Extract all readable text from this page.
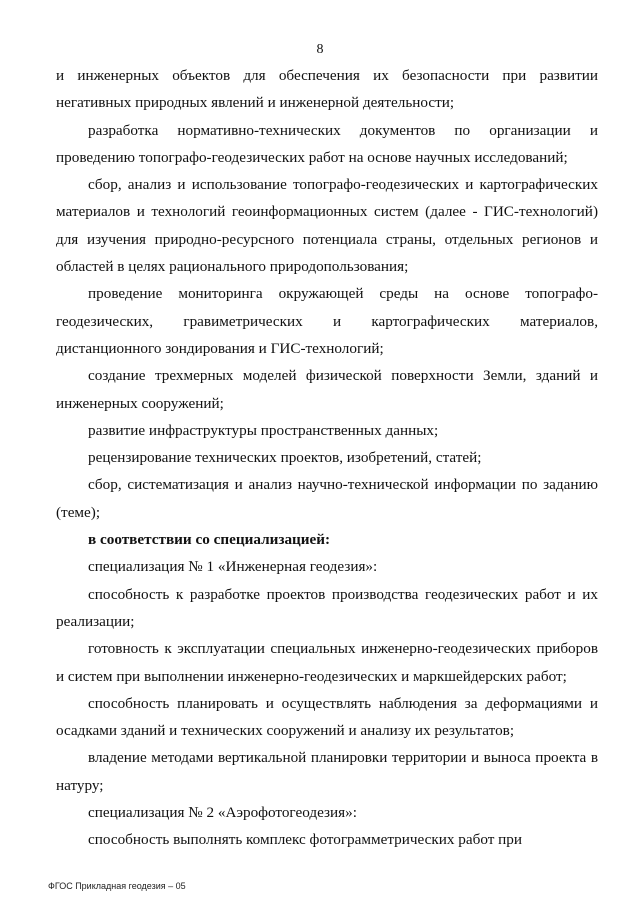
8

и инженерных объектов для обеспечения их безопасности при развитии негативных природных явлений и инженерной деятельности;

разработка нормативно-технических документов по организации и проведению топографо-геодезических работ на основе научных исследований;

сбор, анализ и использование топографо-геодезических и картографических материалов и технологий геоинформационных систем (далее - ГИС-технологий) для изучения природно-ресурсного потенциала страны, отдельных регионов и областей в целях рационального природопользования;

проведение мониторинга окружающей среды на основе топографо-геодезических, гравиметрических и картографических материалов, дистанционного зондирования и ГИС-технологий;

создание трехмерных моделей физической поверхности Земли, зданий и инженерных сооружений;

развитие инфраструктуры пространственных данных;

рецензирование технических проектов, изобретений, статей;

сбор, систематизация и анализ научно-технической информации по заданию (теме);

в соответствии со специализацией:

специализация № 1 «Инженерная геодезия»:

способность к разработке проектов производства геодезических работ и их реализации;

готовность к эксплуатации специальных инженерно-геодезических приборов и систем при выполнении инженерно-геодезических и маркшейдерских работ;

способность планировать и осуществлять наблюдения за деформациями и осадками зданий и технических сооружений и анализу их результатов;

владение методами вертикальной планировки территории и выноса проекта в натуру;

специализация № 2 «Аэрофотогеодезия»:

способность выполнять комплекс фотограмметрических работ при

ФГОС Прикладная геодезия – 05
